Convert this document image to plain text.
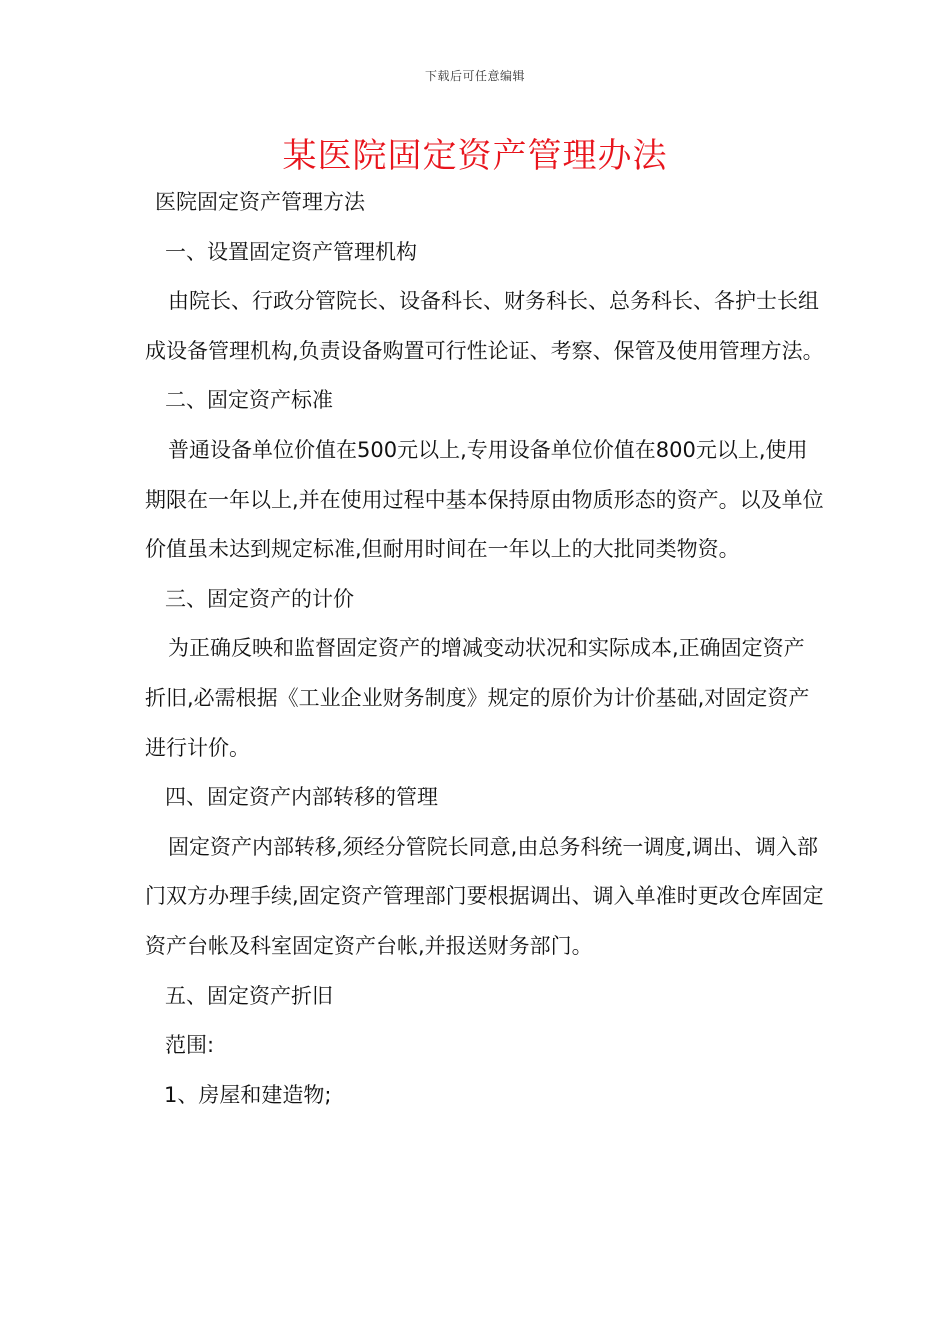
下载后可任意编辑
某医院固定资产管理办法

医院固定资产管理方法

一、设置固定资产管理机构

由院长、行政分管院长、设备科长、财务科长、总务科长、各护士长组成设备管理机构,负责设备购置可行性论证、考察、保管及使用管理方法。

二、固定资产标准

普通设备单位价值在500元以上,专用设备单位价值在800元以上,使用期限在一年以上,并在使用过程中基本保持原由物质形态的资产。以及单位价值虽未达到规定标准,但耐用时间在一年以上的大批同类物资。

三、固定资产的计价

为正确反映和监督固定资产的增减变动状况和实际成本,正确固定资产折旧,必需根据《工业企业财务制度》规定的原价为计价基础,对固定资产进行计价。

四、固定资产内部转移的管理

固定资产内部转移,须经分管院长同意,由总务科统一调度,调出、调入部门双方办理手续,固定资产管理部门要根据调出、调入单准时更改仓库固定资产台帐及科室固定资产台帐,并报送财务部门。

五、固定资产折旧

范围:

1、房屋和建造物;
